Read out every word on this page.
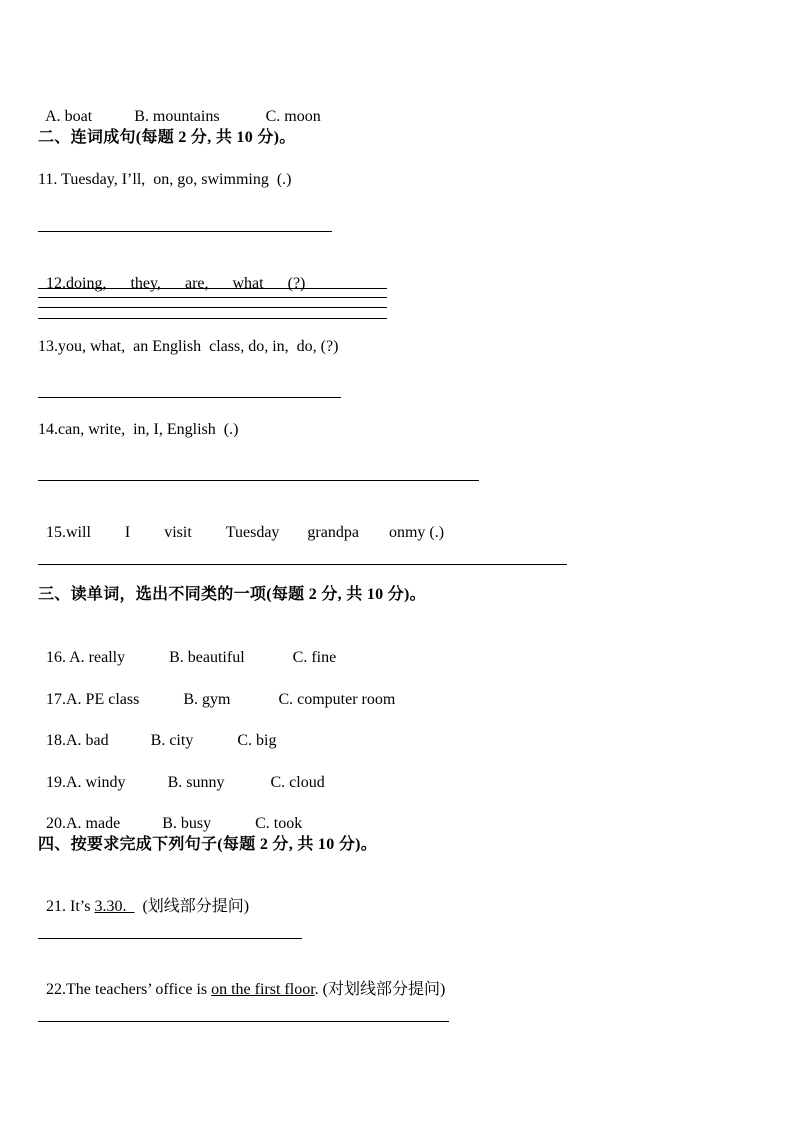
A. boat	B. mountains	C. moon

二、连词成句(每题 2 分, 共 10 分)。
11. Tuesday, I’ll,  on, go, swimming  (.)

12.doing, they, are, what (?)

13.you, what,  an English  class, do, in,  do, (?)
14.can, write,  in, I, English  (.)

15.will I visit Tuesday grandpa onmy (.)

三、读单词，选出不同类的一项(每题 2 分, 共 10 分)。

16. A. really	B. beautiful	C. fine

17.A. PE class	B. gym	C. computer room

18.A. bad	B. city	C. big

19.A. windy	B. sunny	C. cloud

20.A. made	B. busy	C. took

四、按要求完成下列句子(每题 2 分, 共 10 分)。

21. It’s 3.30.    (划线部分提问)

22.The teachers’ office is on the first floor. (对划线部分提问)
